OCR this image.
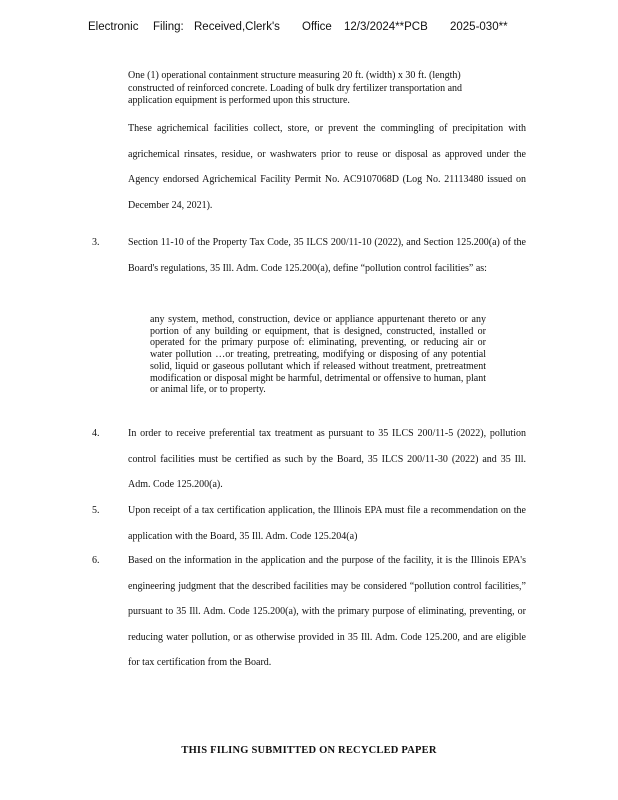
Electronic Filing: Received,Clerk's Office 12/3/2024**PCB 2025-030**

One (1) operational containment structure measuring 20 ft. (width) x 30 ft. (length) constructed of reinforced concrete. Loading of bulk dry fertilizer transportation and application equipment is performed upon this structure.

These agrichemical facilities collect, store, or prevent the commingling of precipitation with agrichemical rinsates, residue, or washwaters prior to reuse or disposal as approved under the Agency endorsed Agrichemical Facility Permit No. AC9107068D (Log No. 21113480 issued on December 24, 2021).

3.	Section 11-10 of the Property Tax Code, 35 ILCS 200/11-10 (2022), and Section 125.200(a) of the Board's regulations, 35 Ill. Adm. Code 125.200(a), define “pollution control facilities” as:

any system, method, construction, device or appliance appurtenant thereto or any portion of any building or equipment, that is designed, constructed, installed or operated for the primary purpose of: eliminating, preventing, or reducing air or water pollution …or treating, pretreating, modifying or disposing of any potential solid, liquid or gaseous pollutant which if released without treatment, pretreatment modification or disposal might be harmful, detrimental or offensive to human, plant or animal life, or to property.

4.	In order to receive preferential tax treatment as pursuant to 35 ILCS 200/11-5 (2022), pollution control facilities must be certified as such by the Board, 35 ILCS 200/11-30 (2022) and 35 Ill. Adm. Code 125.200(a).

5.	Upon receipt of a tax certification application, the Illinois EPA must file a recommendation on the application with the Board, 35 Ill. Adm. Code 125.204(a)

6.	Based on the information in the application and the purpose of the facility, it is the Illinois EPA's engineering judgment that the described facilities may be considered “pollution control facilities,” pursuant to 35 Ill. Adm. Code 125.200(a), with the primary purpose of eliminating, preventing, or reducing water pollution, or as otherwise provided in 35 Ill. Adm. Code 125.200, and are eligible for tax certification from the Board.

THIS FILING SUBMITTED ON RECYCLED PAPER
